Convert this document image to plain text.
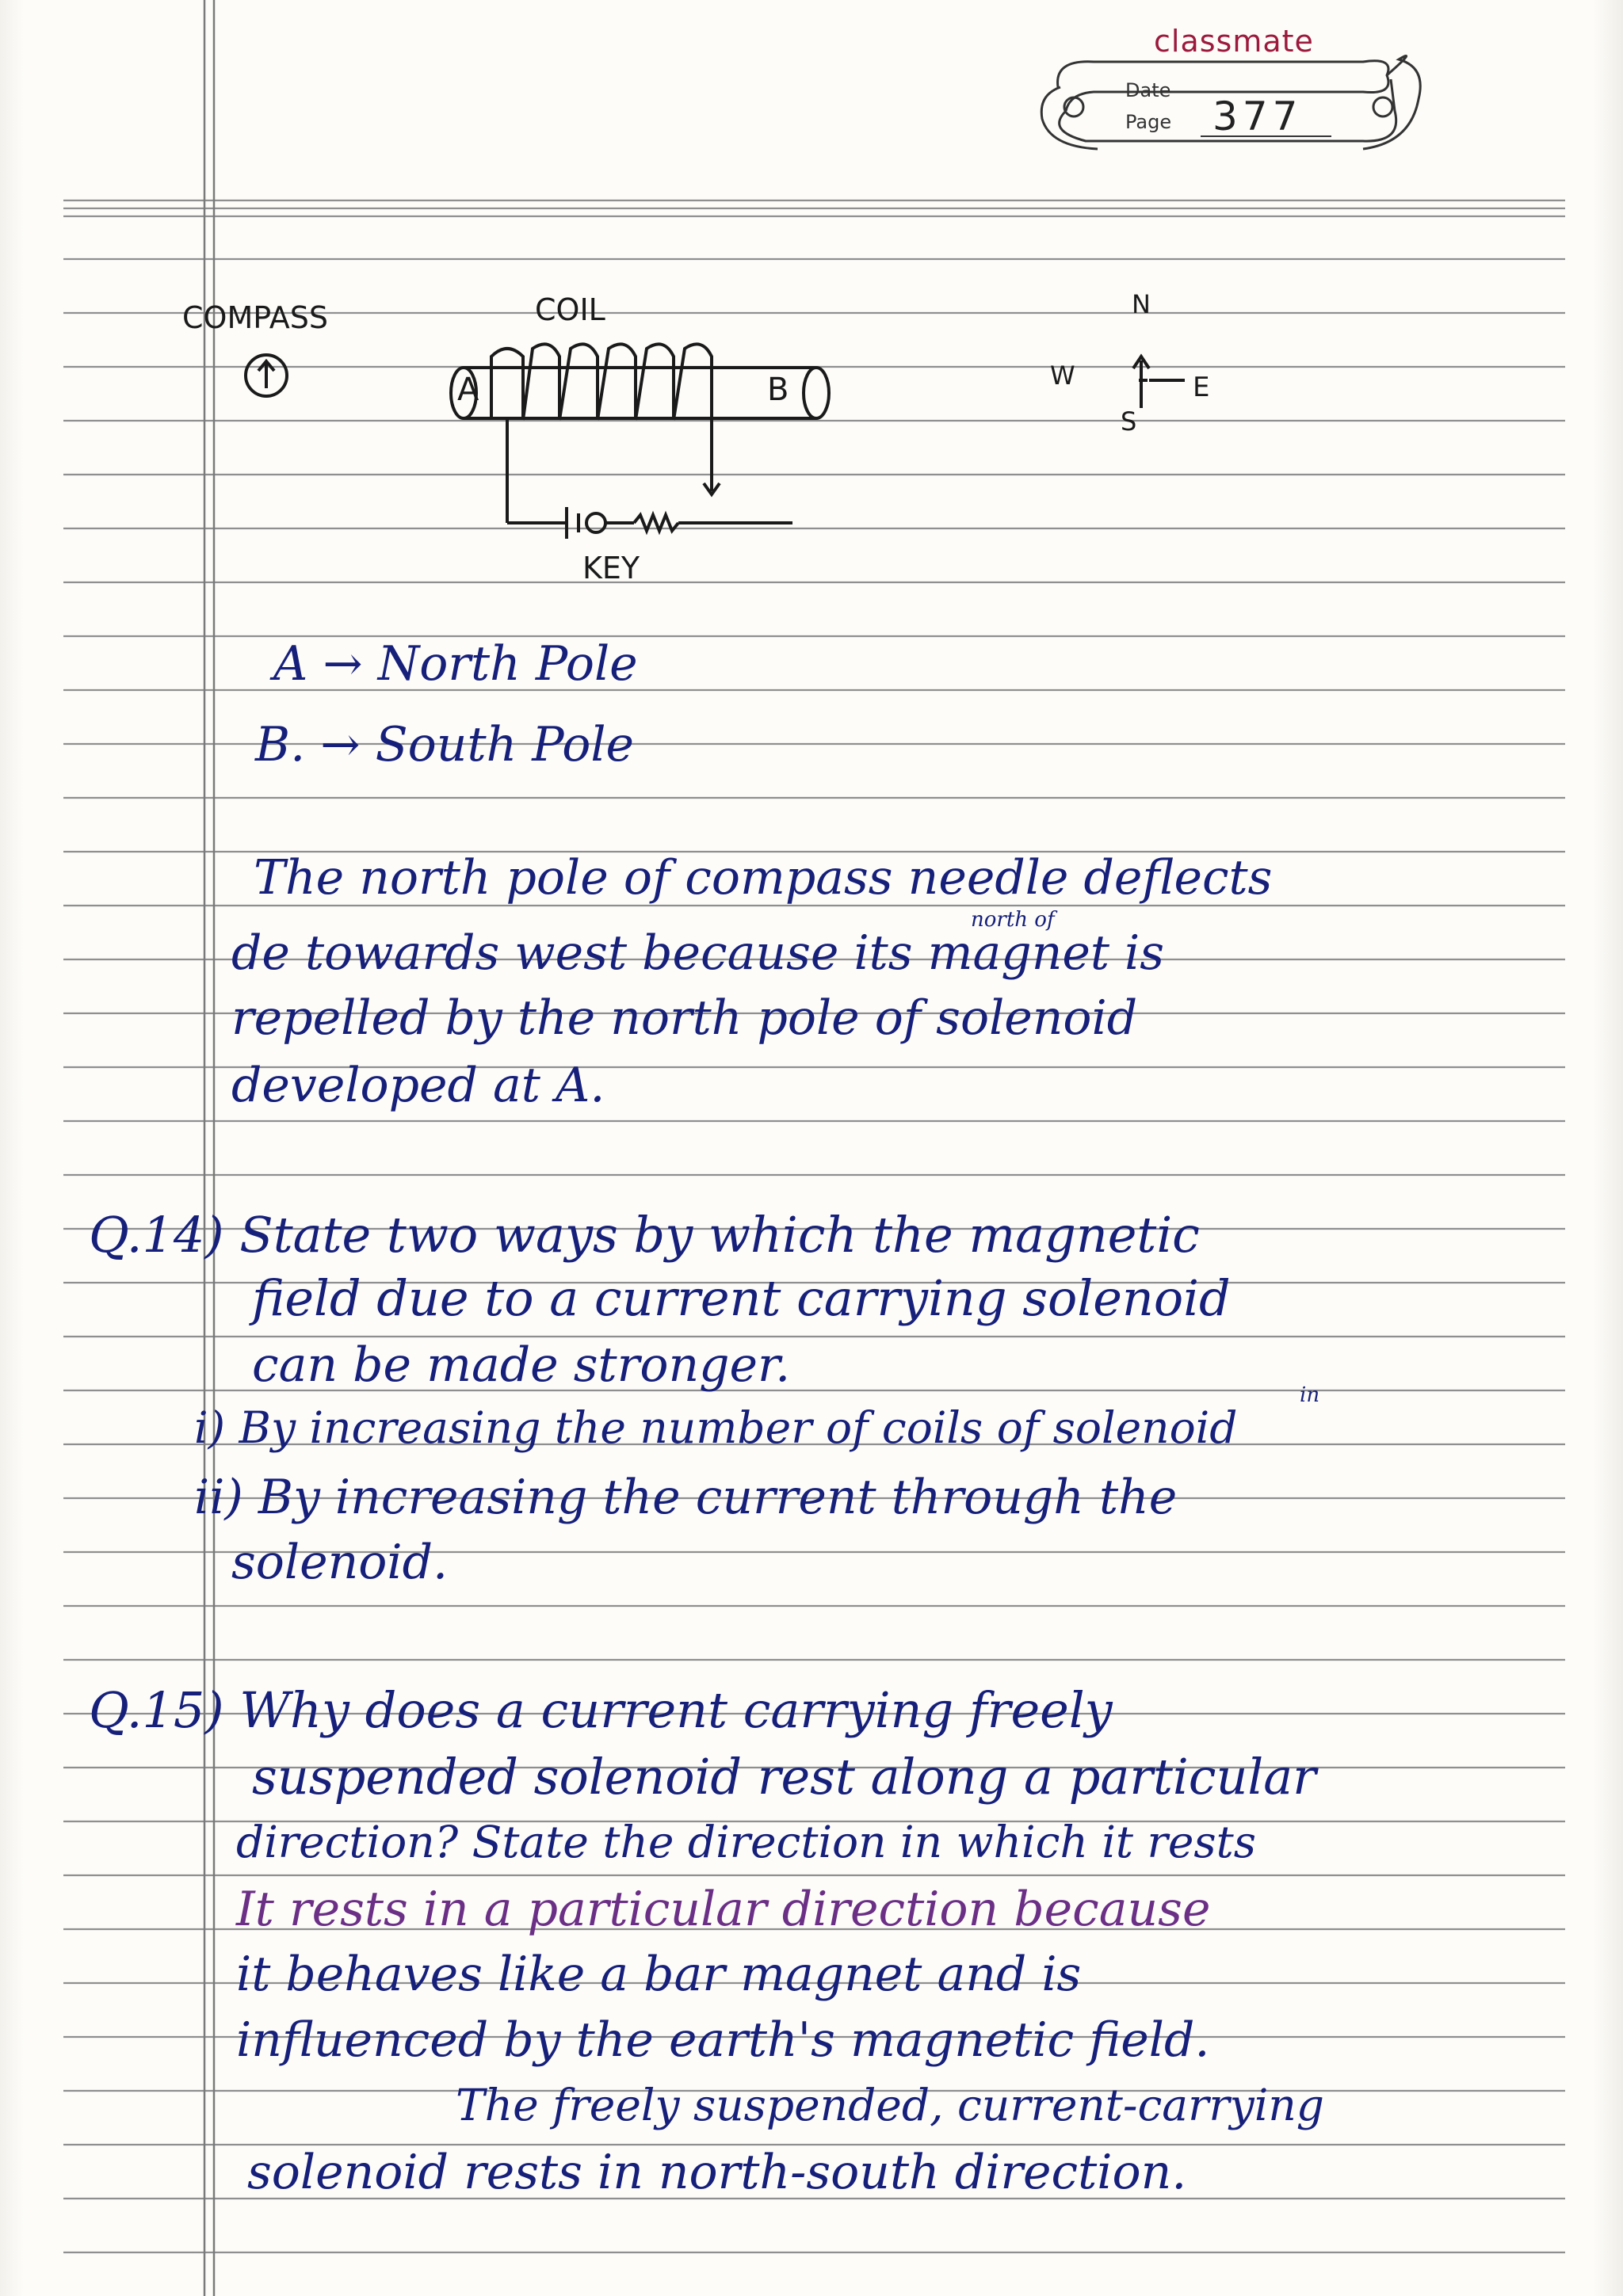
classmate
Date
Page 377
COMPASS	COIL
A	B
KEY
N
W	E
S
A → North Pole
B. → South Pole
The north pole of compass needle deflects
north of
de towards west because its magnet is
repelled by the north pole of solenoid
developed at A.
Q.14) State two ways by which the magnetic
field due to a current carrying solenoid
can be made stronger.
in
i) By increasing the number of coils of solenoid
ii) By increasing the current through the
solenoid.
Q.15) Why does a current carrying freely
suspended solenoid rest along a particular
direction? State the direction in which it rests
It rests in a particular direction because
it behaves like a bar magnet and is
influenced by the earth's magnetic field.
The freely suspended, current-carrying
solenoid rests in north-south direction.
